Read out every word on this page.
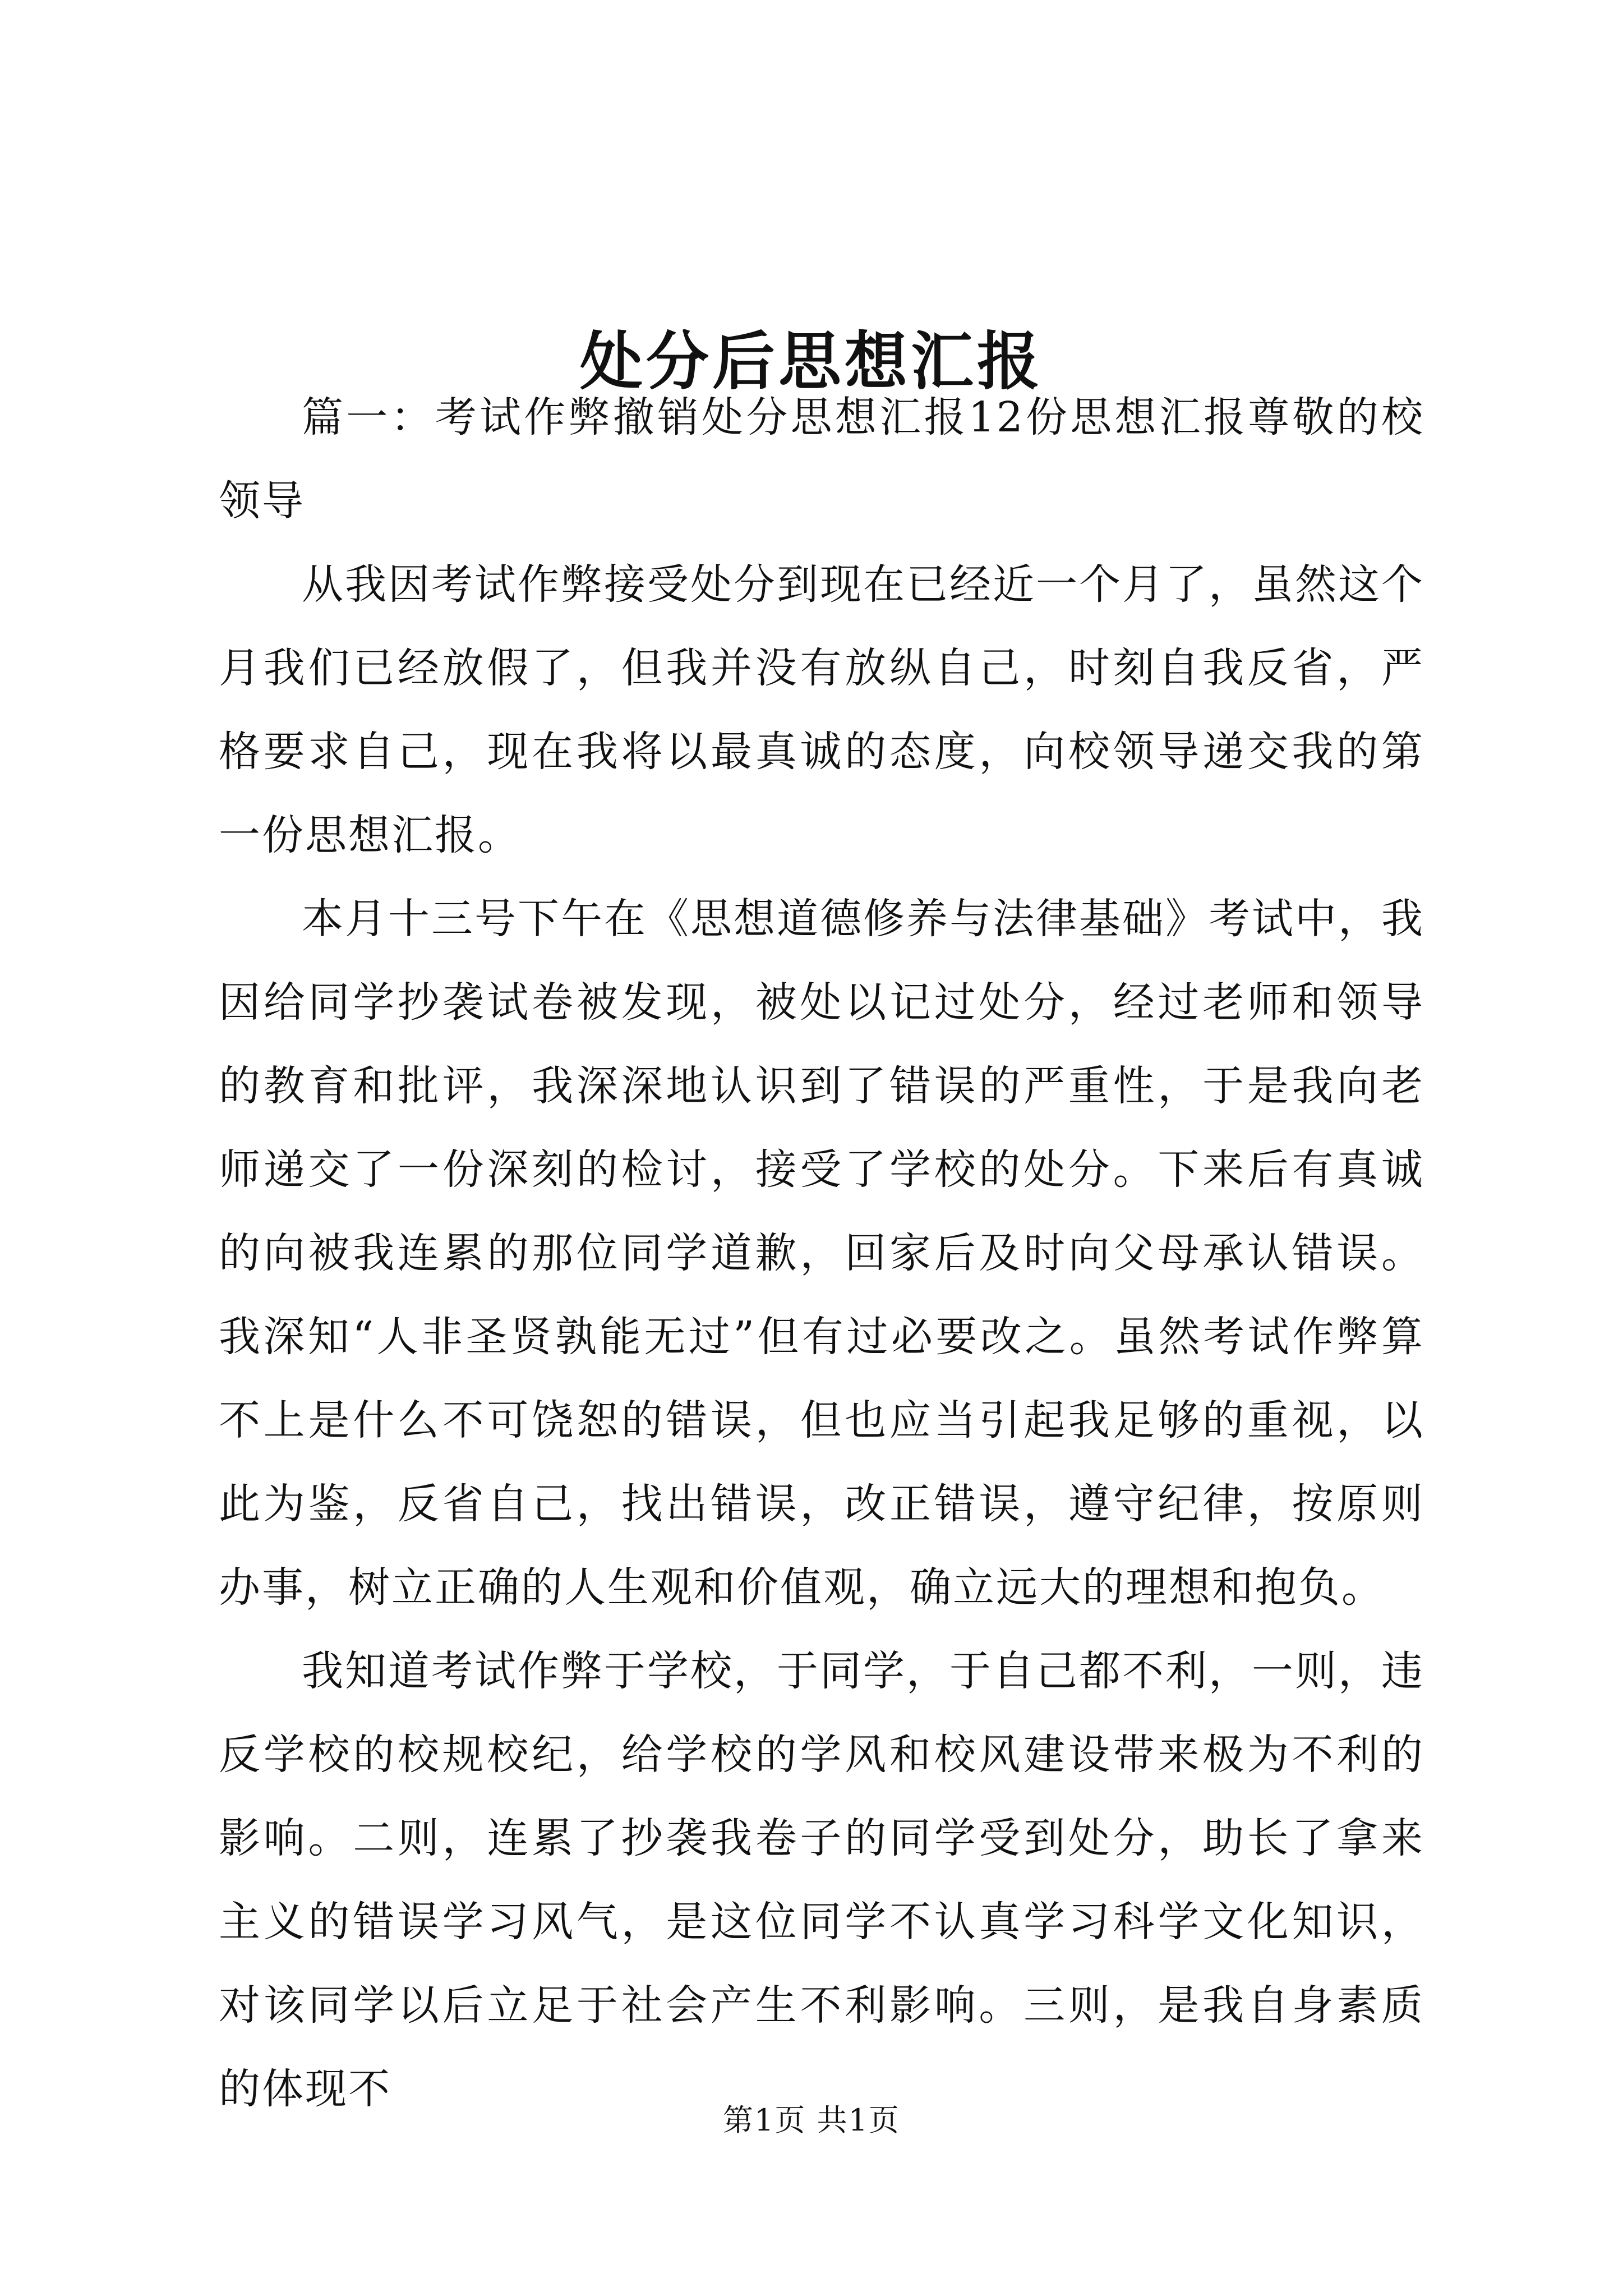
处分后思想汇报

篇一：考试作弊撤销处分思想汇报12份思想汇报尊敬的校领导

从我因考试作弊接受处分到现在已经近一个月了，虽然这个月我们已经放假了，但我并没有放纵自己，时刻自我反省，严格要求自己，现在我将以最真诚的态度，向校领导递交我的第一份思想汇报。

本月十三号下午在《思想道德修养与法律基础》考试中，我因给同学抄袭试卷被发现，被处以记过处分，经过老师和领导的教育和批评，我深深地认识到了错误的严重性，于是我向老师递交了一份深刻的检讨，接受了学校的处分。下来后有真诚的向被我连累的那位同学道歉，回家后及时向父母承认错误。我深知“人非圣贤孰能无过”但有过必要改之。虽然考试作弊算不上是什么不可饶恕的错误，但也应当引起我足够的重视，以此为鉴，反省自己，找出错误，改正错误，遵守纪律，按原则办事，树立正确的人生观和价值观，确立远大的理想和抱负。

我知道考试作弊于学校，于同学，于自己都不利，一则，违反学校的校规校纪，给学校的学风和校风建设带来极为不利的影响。二则，连累了抄袭我卷子的同学受到处分，助长了拿来主义的错误学习风气，是这位同学不认真学习科学文化知识，对该同学以后立足于社会产生不利影响。三则，是我自身素质的体现不

第1页 共1页
